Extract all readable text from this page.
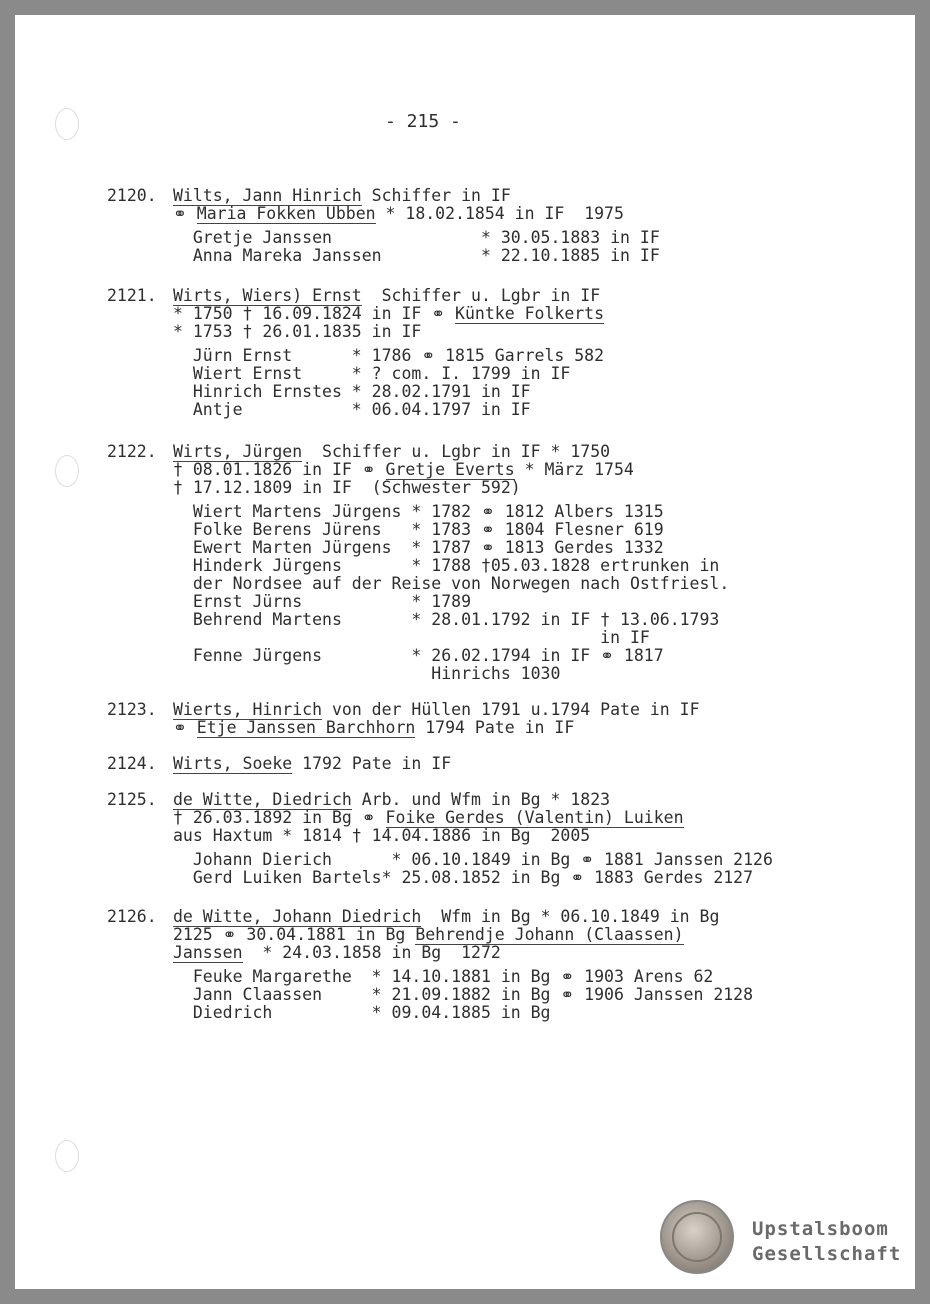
- 215 -
2120. Wilts, Jann Hinrich Schiffer in IF
⚭ Maria Fokken Ubben * 18.02.1854 in IF  1975
Gretje Janssen               * 30.05.1883 in IF
Anna Mareka Janssen          * 22.10.1885 in IF
2121. Wirts, Wiers) Ernst  Schiffer u. Lgbr in IF
* 1750 † 16.09.1824 in IF ⚭ Küntke Folkerts
* 1753 † 26.01.1835 in IF
Jürn Ernst      * 1786 ⚭ 1815 Garrels 582
Wiert Ernst     * ? com. I. 1799 in IF
Hinrich Ernstes * 28.02.1791 in IF
Antje           * 06.04.1797 in IF
2122. Wirts, Jürgen  Schiffer u. Lgbr in IF * 1750
† 08.01.1826 in IF ⚭ Gretje Everts * März 1754
† 17.12.1809 in IF  (Schwester 592)
Wiert Martens Jürgens * 1782 ⚭ 1812 Albers 1315
Folke Berens Jürens   * 1783 ⚭ 1804 Flesner 619
Ewert Marten Jürgens  * 1787 ⚭ 1813 Gerdes 1332
Hinderk Jürgens       * 1788 †05.03.1828 ertrunken in
der Nordsee auf der Reise von Norwegen nach Ostfriesl.
Ernst Jürns           * 1789
Behrend Martens       * 28.01.1792 in IF † 13.06.1793
in IF
Fenne Jürgens         * 26.02.1794 in IF ⚭ 1817
Hinrichs 1030
2123. Wierts, Hinrich von der Hüllen 1791 u.1794 Pate in IF
⚭ Etje Janssen Barchhorn 1794 Pate in IF
2124. Wirts, Soeke 1792 Pate in IF
2125. de Witte, Diedrich Arb. und Wfm in Bg * 1823
† 26.03.1892 in Bg ⚭ Foike Gerdes (Valentin) Luiken
aus Haxtum * 1814 † 14.04.1886 in Bg  2005
Johann Dierich      * 06.10.1849 in Bg ⚭ 1881 Janssen 2126
Gerd Luiken Bartels* 25.08.1852 in Bg ⚭ 1883 Gerdes 2127
2126. de Witte, Johann Diedrich  Wfm in Bg * 06.10.1849 in Bg
2125 ⚭ 30.04.1881 in Bg Behrendje Johann (Claassen)
Janssen  * 24.03.1858 in Bg  1272
Feuke Margarethe  * 14.10.1881 in Bg ⚭ 1903 Arens 62
Jann Claassen     * 21.09.1882 in Bg ⚭ 1906 Janssen 2128
Diedrich          * 09.04.1885 in Bg
Upstalsboom
Gesellschaft
